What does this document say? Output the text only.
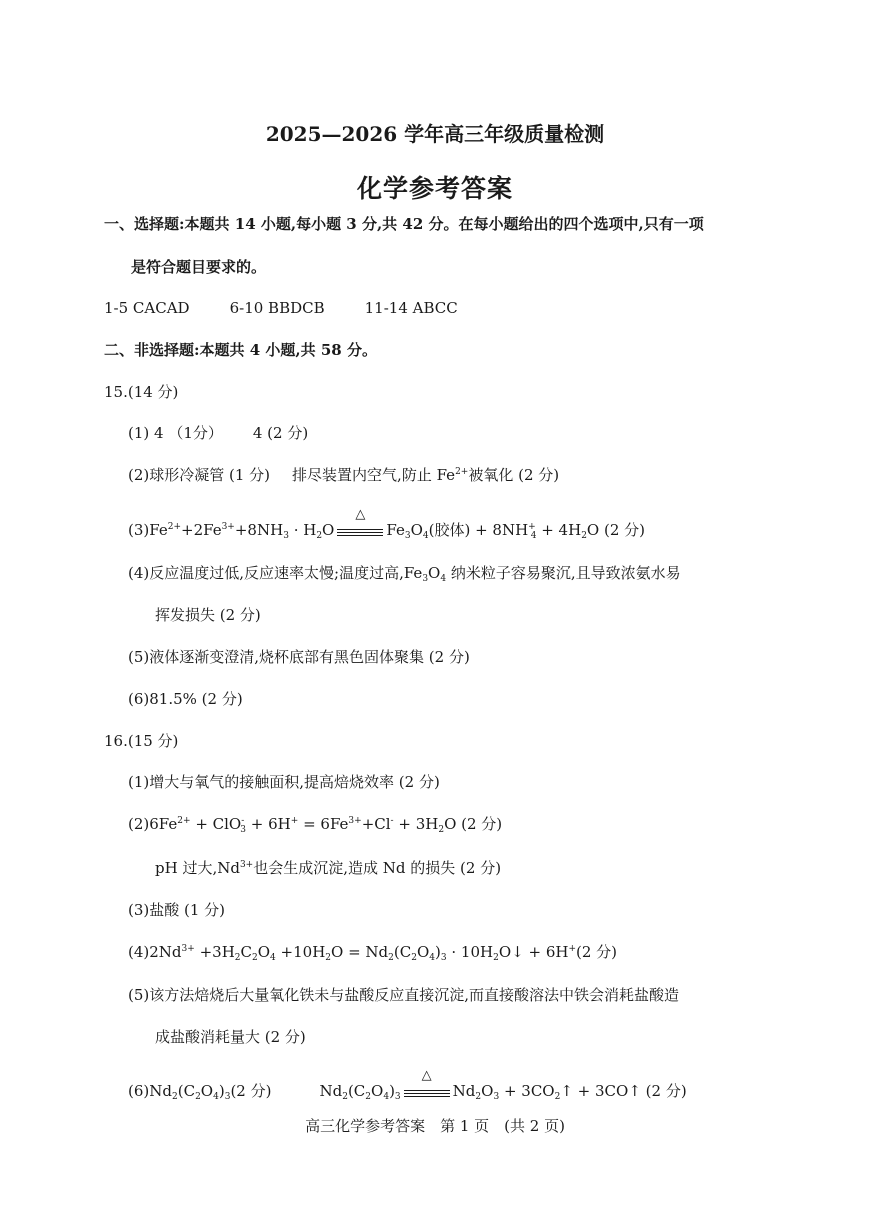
2025—2026 学年高三年级质量检测
化学参考答案
一、选择题:本题共 14 小题,每小题 3 分,共 42 分。在每小题给出的四个选项中,只有一项
是符合题目要求的。
1-5 CACAD	6-10 BBDCB	11-14 ABCC
二、非选择题:本题共 4 小题,共 58 分。
15.(14 分)
(1) 4 （1分） 4 (2 分)
(2)球形冷凝管 (1 分) 排尽装置内空气,防止 $Fe^{2+}$被氧化 (2 分)
$(3)Fe^{2+}+2Fe^{3+}+8NH_3 \cdot H_2O$
△
$Fe_3O_4$(胶体) + $8NH^+_4 + 4H_2O$ (2 分)
(4)反应温度过低,反应速率太慢;温度过高$,Fe_3O_4$ 纳米粒子容易聚沉,且导致浓氨水易
挥发损失 (2 分)
(5)液体逐渐变澄清,烧杯底部有黑色固体聚集 (2 分)
(6)81.5% (2 分)
16.(15 分)
(1)增大与氧气的接触面积,提高焙烧效率 (2 分)
$(2)6Fe^{2+} + ClO^-_3 + 6H^+ = 6Fe^{3+}+Cl^- + 3H_2O$ (2 分)
pH 过大$,Nd^{3+}$也会生成沉淀,造成 Nd 的损失 (2 分)
(3)盐酸 (1 分)
$(4)2Nd^{3+} +3H_2C_2O_4 +10H_2O = Nd_2(C_2O_4)_3$ · $10H_2O↓ + 6H^+(2$ 分)
(5)该方法焙烧后大量氧化铁未与盐酸反应直接沉淀,而直接酸溶法中铁会消耗盐酸造
成盐酸消耗量大 (2 分)
$(6)Nd_2(C_2O_4)_3(2$ 分)	$Nd_2(C_2O_4)_3$
△
$Nd_2O_3$ + $3CO_2↑$ + 3CO↑ (2 分)
高三化学参考答案　第 1 页　(共 2 页)
